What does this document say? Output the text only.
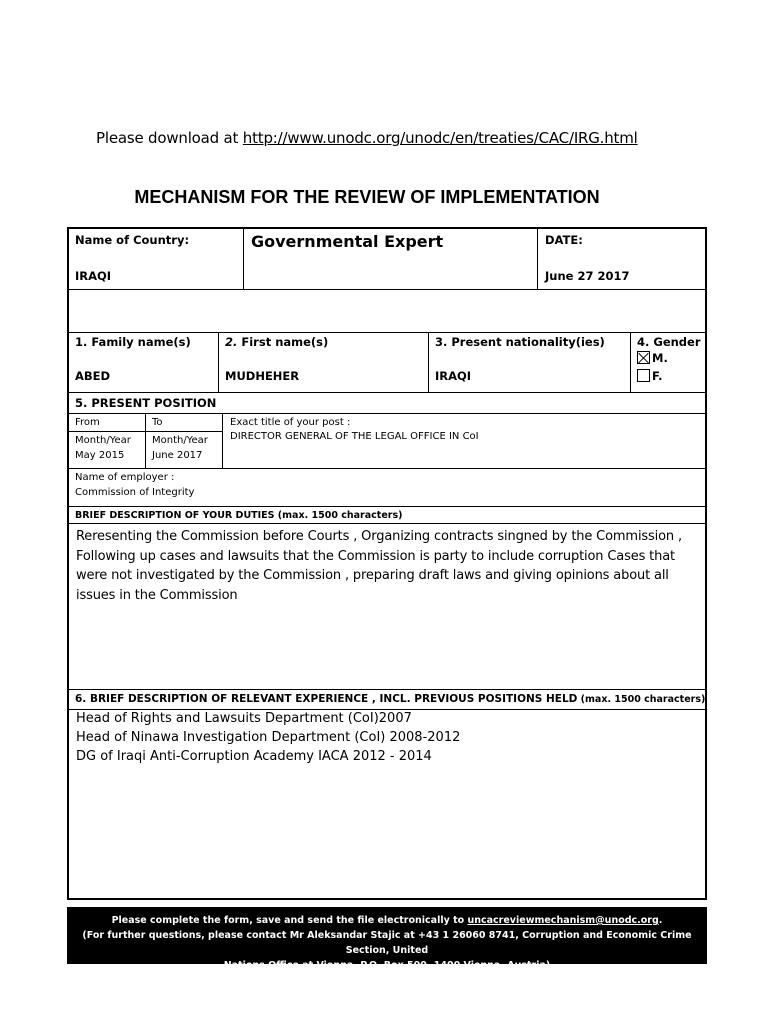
Please download at http://www.unodc.org/unodc/en/treaties/CAC/IRG.html
MECHANISM FOR THE REVIEW OF IMPLEMENTATION
Name of Country:
IRAQI
Governmental Expert	DATE:
June 27 2017
1. Family name(s)
ABED
2. First name(s)
MUDHEHER
3. Present nationality(ies)
IRAQI
4. Gender
M.
F.
5. PRESENT POSITION
From	To
Month/Year
May 2015
Month/Year
June 2017
Exact title of your post :
DIRECTOR GENERAL OF THE LEGAL OFFICE IN CoI
Name of employer :
Commission of Integrity
BRIEF DESCRIPTION OF YOUR DUTIES (max. 1500 characters)
Reresenting the Commission before Courts , Organizing contracts singned by the Commission , Following up cases and lawsuits that the Commission is party to include corruption Cases that were not investigated by the Commission , preparing draft laws and giving opinions about all issues in the Commission
6. BRIEF DESCRIPTION OF RELEVANT EXPERIENCE , INCL. PREVIOUS POSITIONS HELD (max. 1500 characters)
Head of Rights and Lawsuits Department (CoI)2007
Head of Ninawa Investigation Department (CoI) 2008-2012
DG of Iraqi Anti-Corruption Academy IACA 2012 - 2014
Please complete the form, save and send the file electronically to uncacreviewmechanism@unodc.org.
(For further questions, please contact Mr Aleksandar Stajic at +43 1 26060 8741, Corruption and Economic Crime Section, United
Nations Office at Vienna, P.O. Box 500, 1400 Vienna, Austria)
